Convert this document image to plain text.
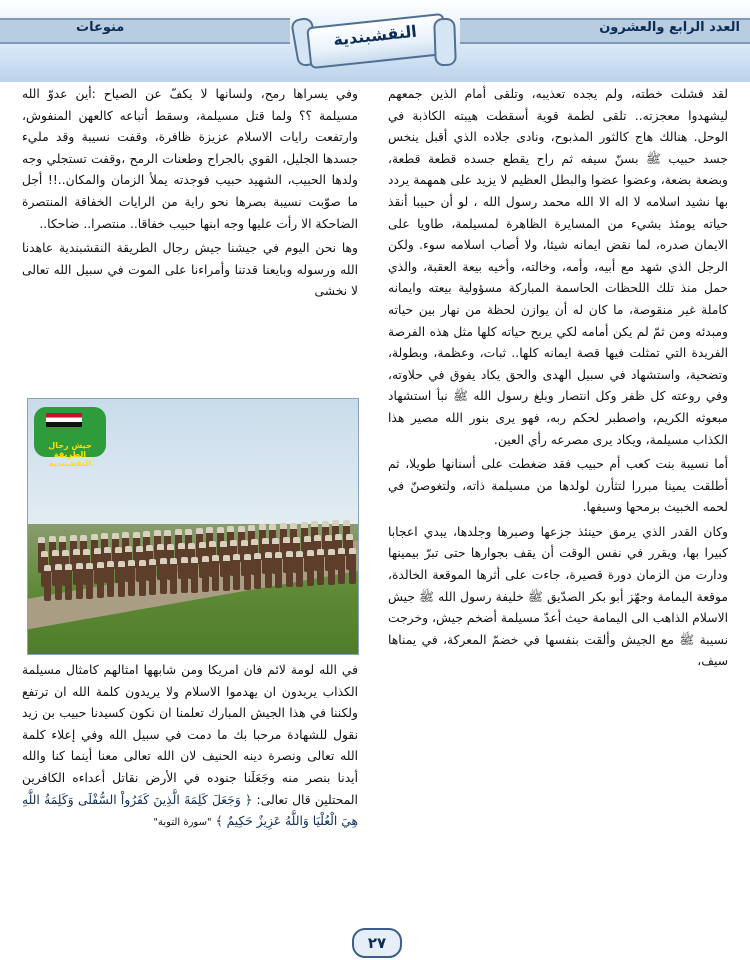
العدد الرابع والعشرون
منوعات	النقشبندية

لقد فشلت خطته، ولم يجده تعذيبه، وتلقى أمام الذين جمعهم ليشهدوا معجزته.. تلقى لطمة قوية أسقطت هيبته الكاذبة في الوحل. هنالك هاج كالثور المذبوح، ونادى جلاده الذي أقبل ينخس جسد حبيب ﷺ بسنّ سيفه ثم راح يقطع جسده قطعة قطعة، وبضعة بضعة، وعضوا عضوا والبطل العظيم لا يزيد على همهمة يردد بها نشيد اسلامه لا اله الا الله محمد رسول الله ، لو أن حبيبا أنقذ حياته يومئذ بشيء من المسايرة الظاهرة لمسيلمة، طاويا على الايمان صدره، لما نقض ايمانه شيئا، ولا أصاب اسلامه سوء. ولكن الرجل الذي شهد مع أبيه، وأمه، وخالته، وأخيه بيعة العقبة، والذي حمل منذ تلك اللحظات الحاسمة المباركة مسؤولية بيعته وايمانه كاملة غير منقوصة، ما كان له أن يوازن لحظة من نهار بين حياته ومبدئه ومن ثمّ لم يكن أمامه لكي يربح حياته كلها مثل هذه الفرصة الفريدة التي تمثلت فيها قصة ايمانه كلها.. ثبات، وعظمة، وبطولة، وتضحية، واستشهاد في سبيل الهدى والحق يكاد يفوق في حلاوته، وفي روعته كل ظفر وكل انتصار وبلغ رسول الله ﷺ نبأ استشهاد مبعوثه الكريم، واصطبر لحكم ربه، فهو يرى بنور الله مصير هذا الكذاب مسيلمة، ويكاد يرى مصرعه رأي العين.

أما نسيبة بنت كعب أم حبيب فقد ضغطت على أسنانها طويلا، ثم أطلقت يمينا مبررا لتثأرن لولدها من مسيلمة ذاته، ولتغوصنّ في لحمه الخبيث برمحها وسيفها.

وكان القدر الذي يرمق حينئذ جزعها وصبرها وجلدها، يبدي اعجابا كبيرا بها، ويقرر في نفس الوقت أن يقف بجوارها حتى تبرّ بيمينها ودارت من الزمان دورة قصيرة، جاءت على أثرها الموقعة الخالدة، موقعة اليمامة وجهّز أبو بكر الصدّيق ﷺ خليفة رسول الله ﷺ جيش الاسلام الذاهب الى اليمامة حيث أعدّ مسيلمة أضخم جيش، وخرجت نسيبة ﷺ مع الجيش وألقت بنفسها في خضمّ المعركة، في يمناها سيف،

وفي يسراها رمح، ولسانها لا يكفّ عن الصياح :أين عدوّ الله مسيلمة ؟؟ ولما قتل مسيلمة، وسقط أتباعه كالعهن المنفوش، وارتفعت رايات الاسلام عزيزة ظافرة، وقفت نسيبة وقد مليء جسدها الجليل، القوي بالجراح وطعنات الرمح ،وقفت تستجلي وجه ولدها الحبيب، الشهيد حبيب فوجدته يملأ الزمان والمكان..!! أجل ما صوّبت نسيبة بصرها نحو راية من الرايات الخفاقة المنتصرة الضاحكة الا رأت عليها وجه ابنها حبيب خفاقا.. منتصرا.. ضاحكا..

وها نحن اليوم في جيشنا جيش رجال الطريقة النقشبندية عاهدنا الله ورسوله وبايعنا قدتنا وأمراءنا على الموت في سبيل الله تعالى لا نخشى

جيش رجال الطريقة النقشبندية

في الله لومة لائم فان امريكا ومن شابهها امثالهم كامثال مسيلمة الكذاب يريدون ان يهدموا الاسلام ولا يريدون كلمة الله ان ترتفع ولكننا في هذا الجيش المبارك تعلمنا ان نكون كسيدنا حبيب بن زيد نقول للشهادة مرحبا بك ما دمت في سبيل الله وفي إعلاء كلمة الله تعالى ونصرة دينه الحنيف لان الله تعالى معنا أينما كنا والله أيدنا بنصر منه وجَعَلَنا جنوده في الأرض نقاتل أعداءه الكافرين المحتلين قال تعالى: ﴿ وَجَعَلَ كَلِمَةَ الَّذِينَ كَفَرُواْ السُّفْلَى وَكَلِمَةُ اللَّهِ هِيَ الْعُلْيَا وَاللَّهُ عَزِيزٌ حَكِيمٌ ﴾ "سورة التوبة"

٢٧
